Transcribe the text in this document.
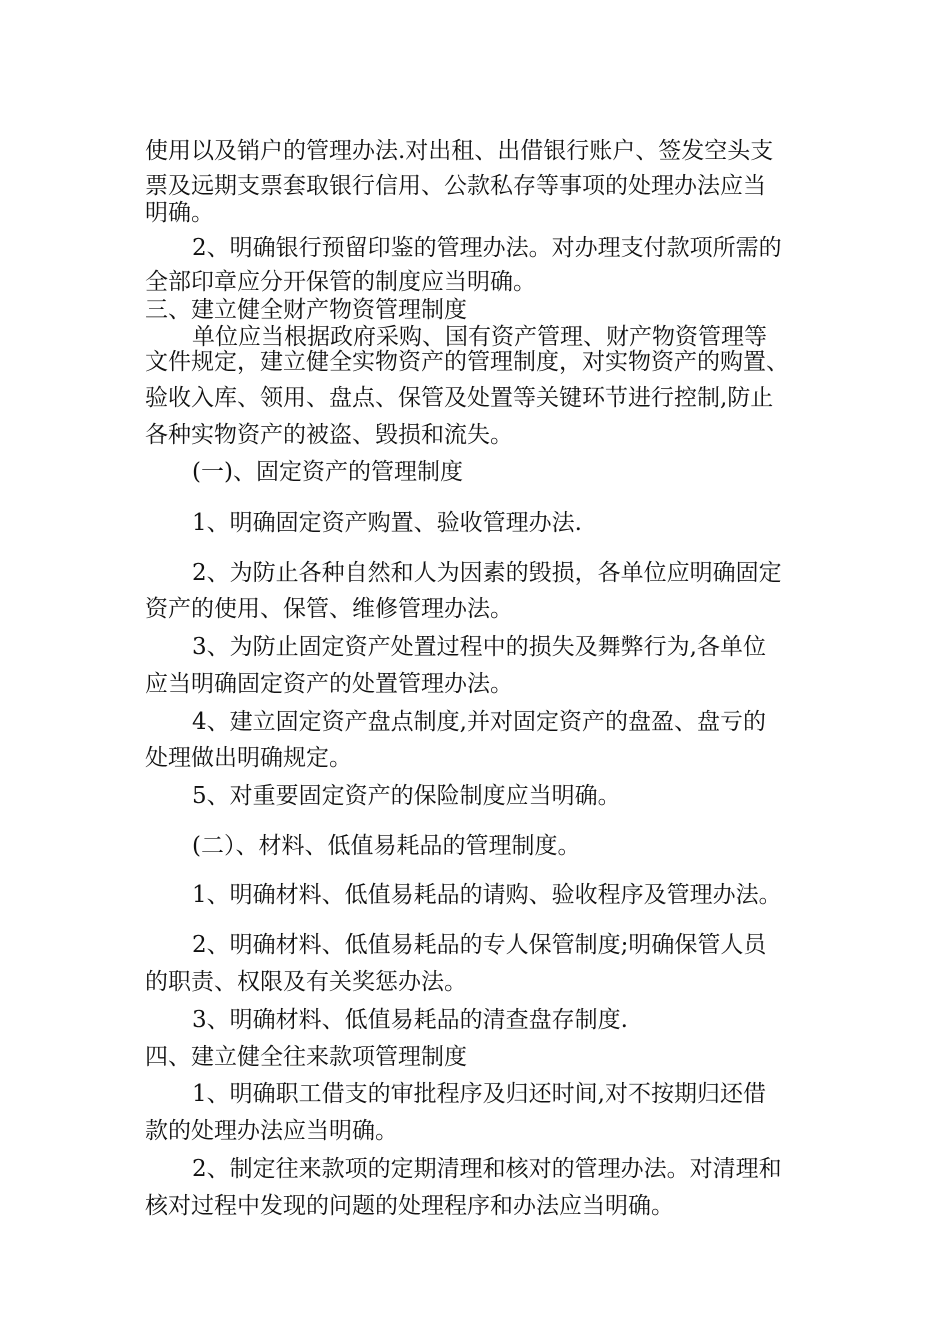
使用以及销户的管理办法.对出租、出借银行账户、签发空头支

票及远期支票套取银行信用、公款私存等事项的处理办法应当

明确。

2、明确银行预留印鉴的管理办法。对办理支付款项所需的

全部印章应分开保管的制度应当明确。

三、建立健全财产物资管理制度

单位应当根据政府采购、国有资产管理、财产物资管理等

文件规定，建立健全实物资产的管理制度，对实物资产的购置、

验收入库、领用、盘点、保管及处置等关键环节进行控制,防止

各种实物资产的被盗、毁损和流失。

(一)、固定资产的管理制度

1、明确固定资产购置、验收管理办法.

2、为防止各种自然和人为因素的毁损，各单位应明确固定

资产的使用、保管、维修管理办法。

3、为防止固定资产处置过程中的损失及舞弊行为,各单位

应当明确固定资产的处置管理办法。

4、建立固定资产盘点制度,并对固定资产的盘盈、盘亏的

处理做出明确规定。

5、对重要固定资产的保险制度应当明确。

(二）、材料、低值易耗品的管理制度。

1、明确材料、低值易耗品的请购、验收程序及管理办法。

2、明确材料、低值易耗品的专人保管制度;明确保管人员

的职责、权限及有关奖惩办法。

3、明确材料、低值易耗品的清查盘存制度.

四、建立健全往来款项管理制度

1、明确职工借支的审批程序及归还时间,对不按期归还借

款的处理办法应当明确。

2、制定往来款项的定期清理和核对的管理办法。对清理和

核对过程中发现的问题的处理程序和办法应当明确。
